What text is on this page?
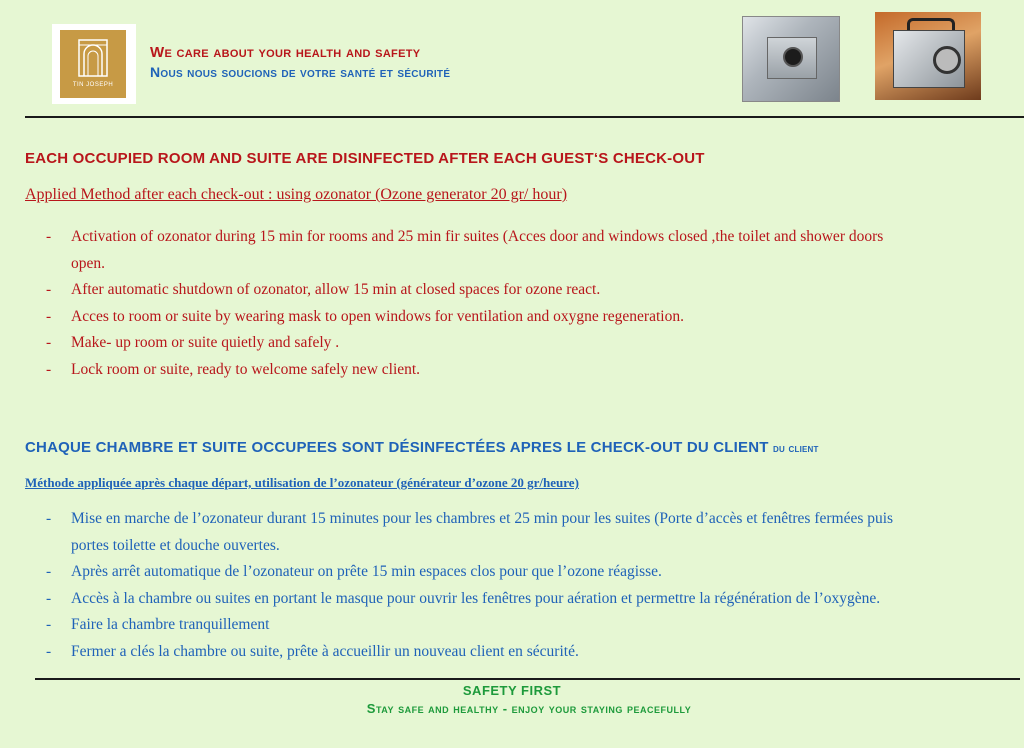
TIN JOSEPH
We care about your health and safety
Nous nous soucions de votre santé et sécurité
EACH OCCUPIED ROOM AND SUITE ARE DISINFECTED AFTER EACH GUEST‘S CHECK-OUT
Applied Method after each check-out : using ozonator (Ozone generator 20 gr/ hour)
- Activation of ozonator during 15 min for rooms and 25 min fir suites (Acces door and windows closed ,the toilet and shower doors
open.
- After automatic shutdown of ozonator, allow 15 min at closed spaces for ozone react.
- Acces to room or suite by wearing mask to open windows for ventilation and oxygne regeneration.
- Make- up room or suite quietly and safely .
- Lock room or suite, ready to welcome safely new client.
CHAQUE CHAMBRE ET SUITE OCCUPEES SONT DÉSINFECTÉES APRES LE CHECK-OUT DU CLIENT du client
Méthode appliquée après chaque départ, utilisation de l’ozonateur (générateur d’ozone 20 gr/heure)
- Mise en marche de l’ozonateur durant 15 minutes pour les chambres et 25 min pour les suites (Porte d’accès et fenêtres fermées puis
portes toilette et douche ouvertes.
- Après arrêt automatique de l’ozonateur on prête 15 min espaces clos pour que l’ozone réagisse.
- Accès à la chambre ou suites en portant le masque pour ouvrir les fenêtres pour aération et permettre la régénération de l’oxygène.
- Faire la chambre tranquillement
- Fermer a clés la chambre ou suite, prête à accueillir un nouveau client en sécurité.
SAFETY FIRST
Stay safe and healthy - enjoy your staying peacefully
